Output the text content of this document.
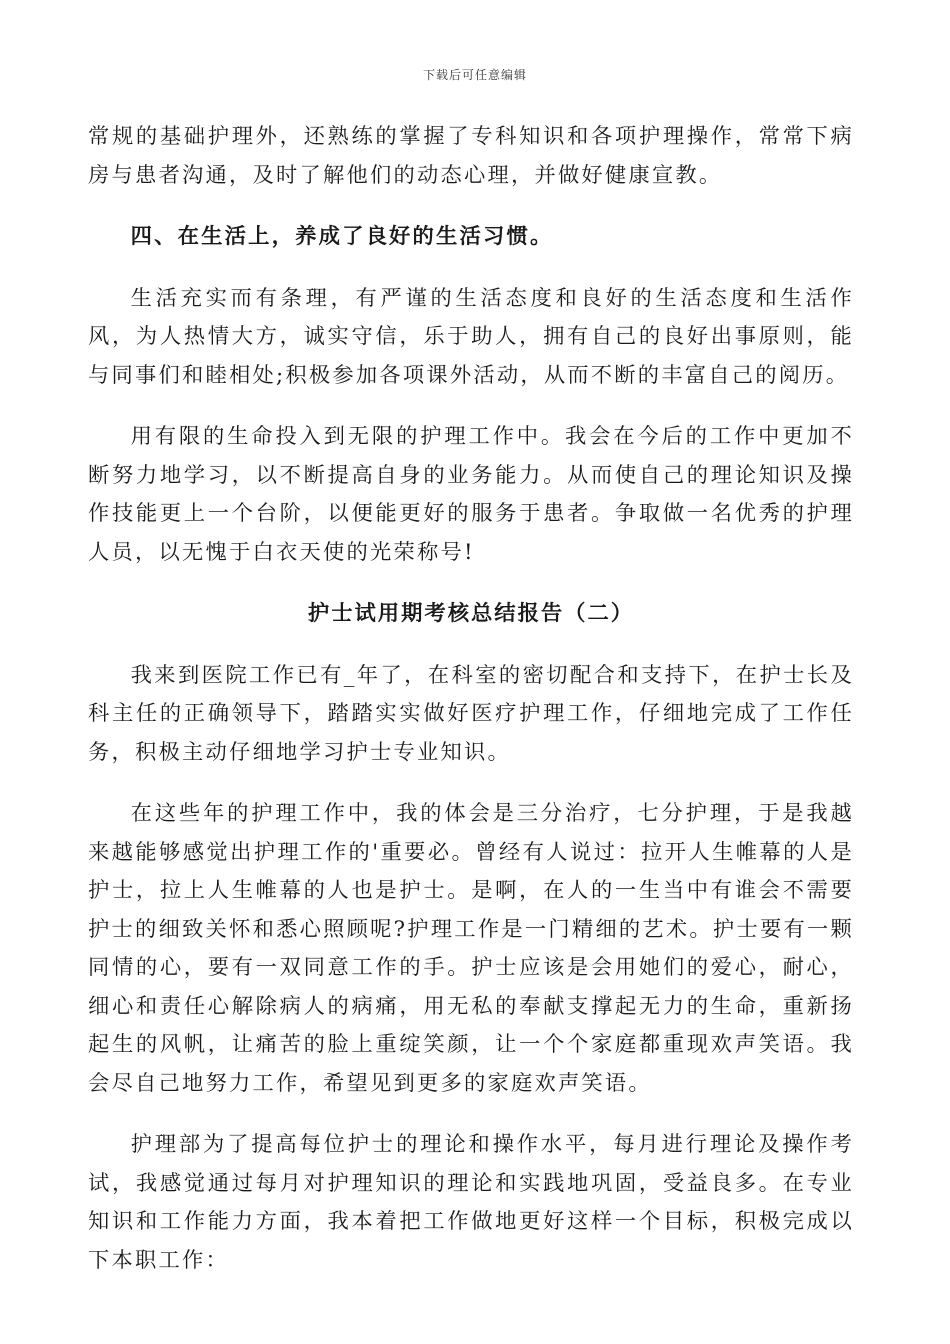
下载后可任意编辑

常规的基础护理外，还熟练的掌握了专科知识和各项护理操作，常常下病房与患者沟通，及时了解他们的动态心理，并做好健康宣教。

四、在生活上，养成了良好的生活习惯。

生活充实而有条理，有严谨的生活态度和良好的生活态度和生活作风，为人热情大方，诚实守信，乐于助人，拥有自己的良好出事原则，能与同事们和睦相处;积极参加各项课外活动，从而不断的丰富自己的阅历。

用有限的生命投入到无限的护理工作中。我会在今后的工作中更加不断努力地学习，以不断提高自身的业务能力。从而使自己的理论知识及操作技能更上一个台阶，以便能更好的服务于患者。争取做一名优秀的护理人员，以无愧于白衣天使的光荣称号!

护士试用期考核总结报告（二）

我来到医院工作已有_年了，在科室的密切配合和支持下，在护士长及科主任的正确领导下，踏踏实实做好医疗护理工作，仔细地完成了工作任务，积极主动仔细地学习护士专业知识。

在这些年的护理工作中，我的体会是三分治疗，七分护理，于是我越来越能够感觉出护理工作的'重要必。曾经有人说过：拉开人生帷幕的人是护士，拉上人生帷幕的人也是护士。是啊，在人的一生当中有谁会不需要护士的细致关怀和悉心照顾呢?护理工作是一门精细的艺术。护士要有一颗同情的心，要有一双同意工作的手。护士应该是会用她们的爱心，耐心，细心和责任心解除病人的病痛，用无私的奉献支撑起无力的生命，重新扬起生的风帆，让痛苦的脸上重绽笑颜，让一个个家庭都重现欢声笑语。我会尽自己地努力工作，希望见到更多的家庭欢声笑语。

护理部为了提高每位护士的理论和操作水平，每月进行理论及操作考试，我感觉通过每月对护理知识的理论和实践地巩固，受益良多。在专业知识和工作能力方面，我本着把工作做地更好这样一个目标，积极完成以下本职工作：
